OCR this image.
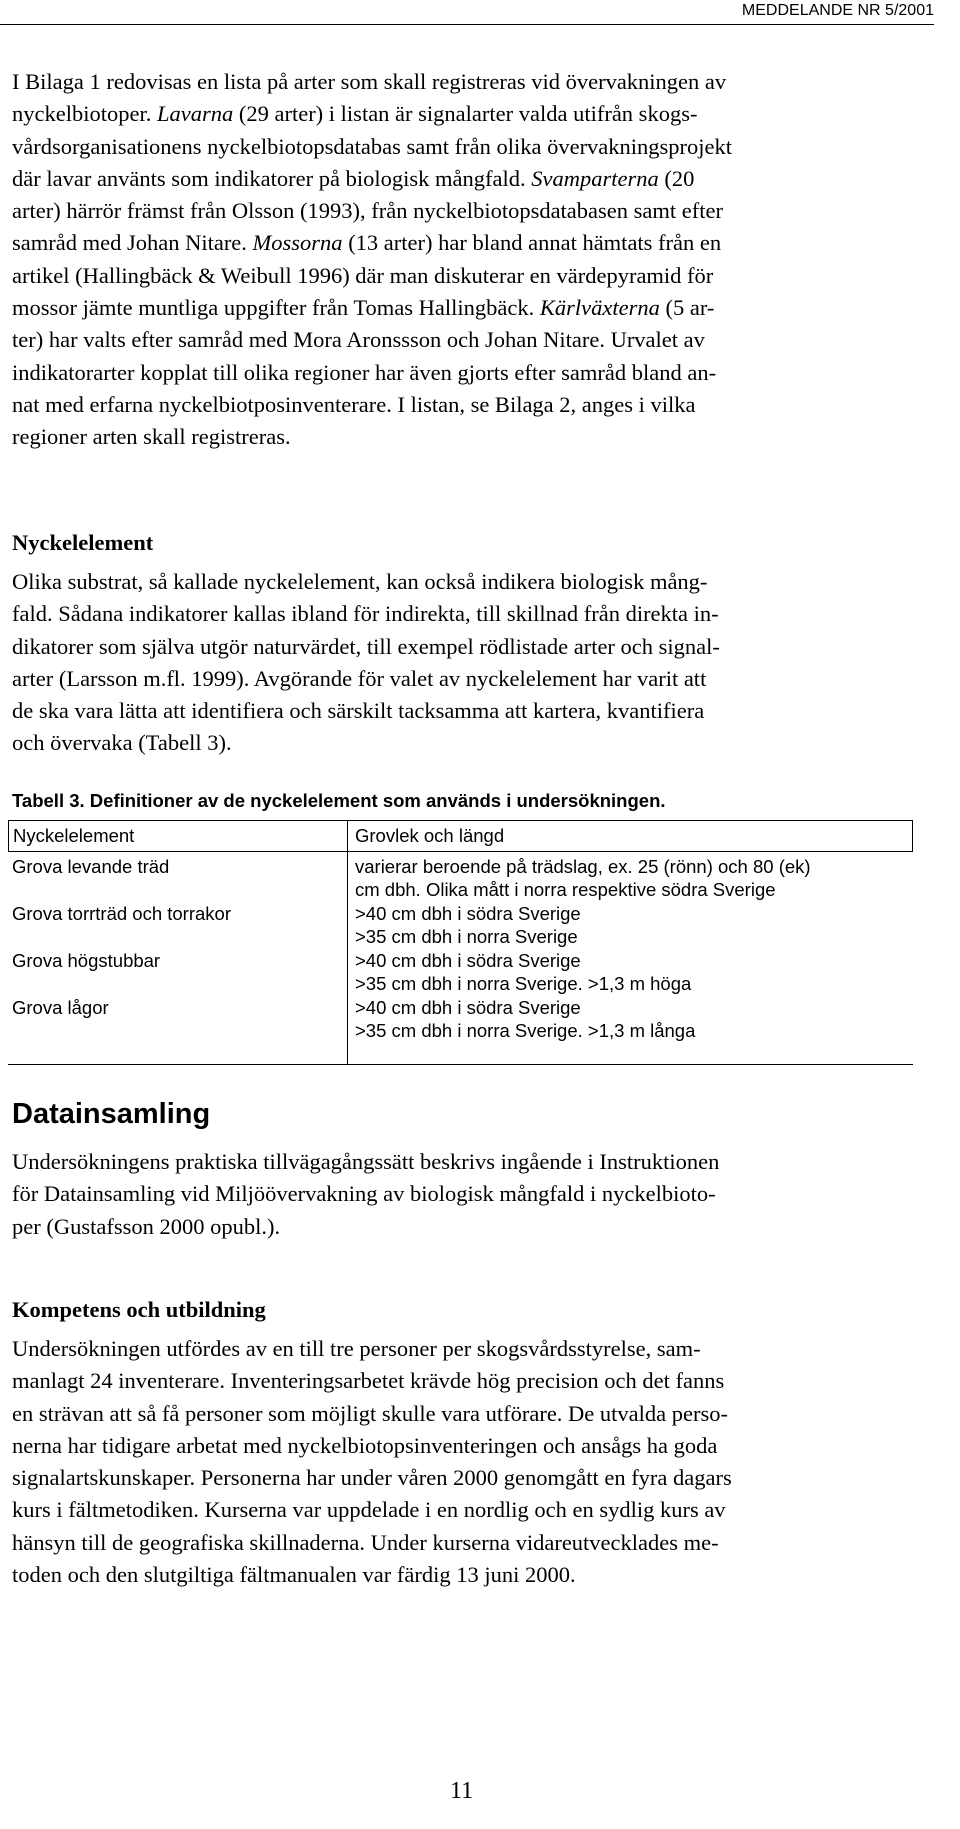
MEDDELANDE NR 5/2001
I Bilaga 1 redovisas en lista på arter som skall registreras vid övervakningen av
nyckelbiotoper. Lavarna (29 arter) i listan är signalarter valda utifrån skogs-
vårdsorganisationens nyckelbiotopsdatabas samt från olika övervakningsprojekt
där lavar använts som indikatorer på biologisk mångfald. Svamparterna (20
arter) härrör främst från Olsson (1993), från nyckelbiotopsdatabasen samt efter
samråd med Johan Nitare. Mossorna (13 arter) har bland annat hämtats från en
artikel (Hallingbäck & Weibull 1996) där man diskuterar en värdepyramid för
mossor jämte muntliga uppgifter från Tomas Hallingbäck. Kärlväxterna (5 ar-
ter) har valts efter samråd med Mora Aronssson och Johan Nitare. Urvalet av
indikatorarter kopplat till olika regioner har även gjorts efter samråd bland an-
nat med erfarna nyckelbiotposinventerare. I listan, se Bilaga 2, anges i vilka
regioner arten skall registreras.
Nyckelelement
Olika substrat, så kallade nyckelelement, kan också indikera biologisk mång-
fald. Sådana indikatorer kallas ibland för indirekta, till skillnad från direkta in-
dikatorer som själva utgör naturvärdet, till exempel rödlistade arter och signal-
arter (Larsson m.fl. 1999). Avgörande för valet av nyckelelement har varit att
de ska vara lätta att identifiera och särskilt tacksamma att kartera, kvantifiera
och övervaka (Tabell 3).
Tabell 3. Definitioner av de nyckelelement som används i undersökningen.
Nyckelelement	Grovlek och längd
Grova levande träd	varierar beroende på trädslag, ex. 25 (rönn) och 80 (ek)
cm dbh. Olika mått i norra respektive södra Sverige
Grova torrträd och torrakor	>40 cm dbh i södra Sverige
>35 cm dbh i norra Sverige
Grova högstubbar	>40 cm dbh i södra Sverige
>35 cm dbh i norra Sverige. >1,3 m höga
Grova lågor	>40 cm dbh i södra Sverige
>35 cm dbh i norra Sverige. >1,3 m långa
Datainsamling
Undersökningens praktiska tillvägagångssätt beskrivs ingående i Instruktionen
för Datainsamling vid Miljöövervakning av biologisk mångfald i nyckelbioto-
per (Gustafsson 2000 opubl.).
Kompetens och utbildning
Undersökningen utfördes av en till tre personer per skogsvårdsstyrelse, sam-
manlagt 24 inventerare. Inventeringsarbetet krävde hög precision och det fanns
en strävan att så få personer som möjligt skulle vara utförare. De utvalda perso-
nerna har tidigare arbetat med nyckelbiotopsinventeringen och ansågs ha goda
signalartskunskaper. Personerna har under våren 2000 genomgått en fyra dagars
kurs i fältmetodiken. Kurserna var uppdelade i en nordlig och en sydlig kurs av
hänsyn till de geografiska skillnaderna. Under kurserna vidareutvecklades me-
toden och den slutgiltiga fältmanualen var färdig 13 juni 2000.
11
